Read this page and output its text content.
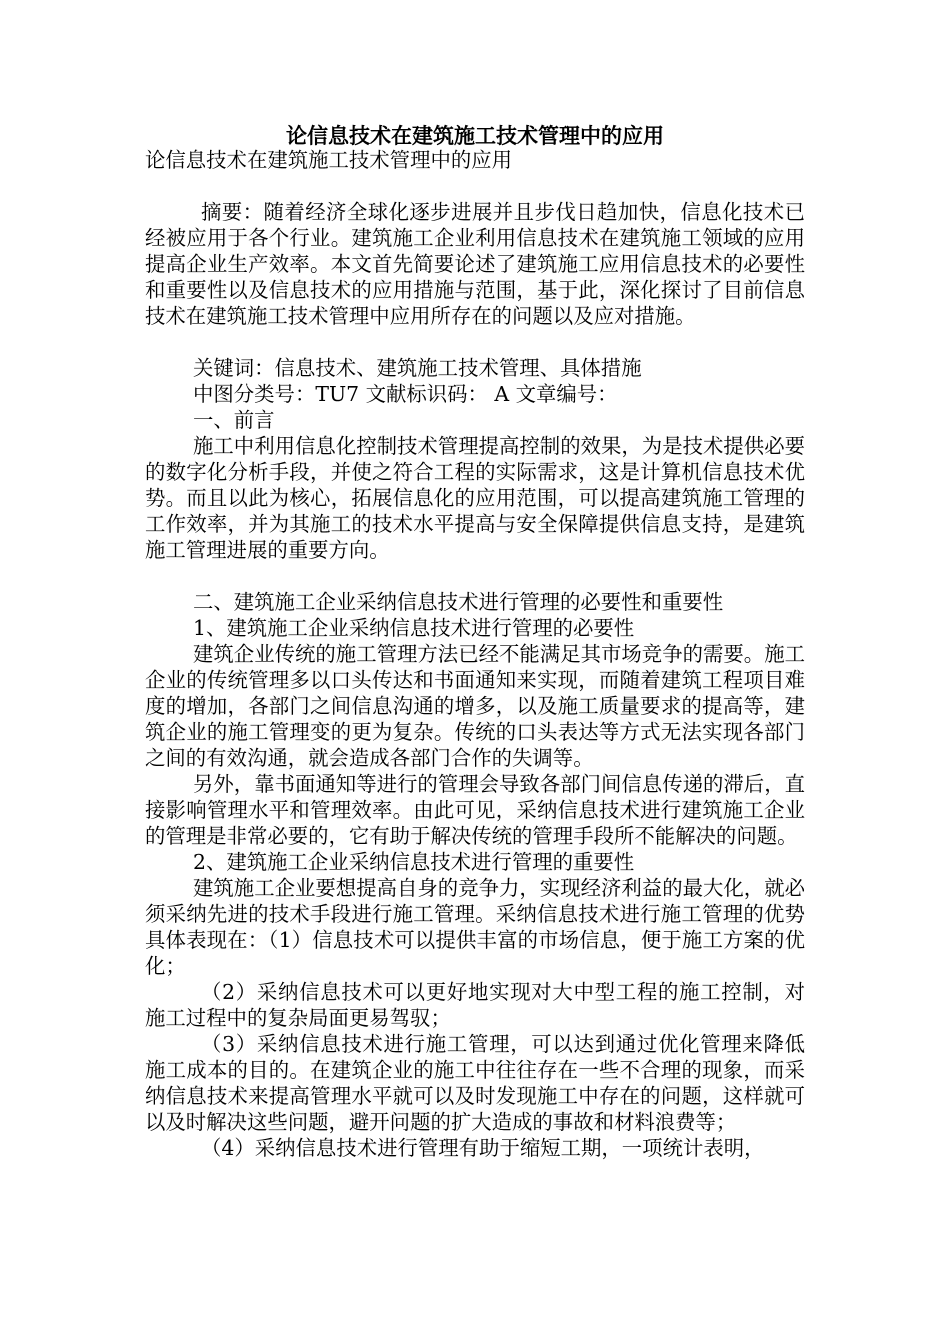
论信息技术在建筑施工技术管理中的应用

论信息技术在建筑施工技术管理中的应用

摘要：随着经济全球化逐步进展并且步伐日趋加快，信息化技术已经被应用于各个行业。建筑施工企业利用信息技术在建筑施工领域的应用提高企业生产效率。本文首先简要论述了建筑施工应用信息技术的必要性和重要性以及信息技术的应用措施与范围，基于此，深化探讨了目前信息技术在建筑施工技术管理中应用所存在的问题以及应对措施。

关键词：信息技术、建筑施工技术管理、具体措施

中图分类号：TU7 文献标识码： A 文章编号：

一、前言

施工中利用信息化控制技术管理提高控制的效果，为是技术提供必要的数字化分析手段，并使之符合工程的实际需求，这是计算机信息技术优势。而且以此为核心，拓展信息化的应用范围，可以提高建筑施工管理的工作效率，并为其施工的技术水平提高与安全保障提供信息支持，是建筑施工管理进展的重要方向。

二、建筑施工企业采纳信息技术进行管理的必要性和重要性

1、建筑施工企业采纳信息技术进行管理的必要性

建筑企业传统的施工管理方法已经不能满足其市场竞争的需要。施工企业的传统管理多以口头传达和书面通知来实现，而随着建筑工程项目难度的增加，各部门之间信息沟通的增多，以及施工质量要求的提高等，建筑企业的施工管理变的更为复杂。传统的口头表达等方式无法实现各部门之间的有效沟通，就会造成各部门合作的失调等。

另外，靠书面通知等进行的管理会导致各部门间信息传递的滞后，直接影响管理水平和管理效率。由此可见，采纳信息技术进行建筑施工企业的管理是非常必要的，它有助于解决传统的管理手段所不能解决的问题。

2、建筑施工企业采纳信息技术进行管理的重要性

建筑施工企业要想提高自身的竞争力，实现经济利益的最大化，就必须采纳先进的技术手段进行施工管理。采纳信息技术进行施工管理的优势具体表现在：（1）信息技术可以提供丰富的市场信息，便于施工方案的优化；

（2）采纳信息技术可以更好地实现对大中型工程的施工控制，对施工过程中的复杂局面更易驾驭；

（3）采纳信息技术进行施工管理，可以达到通过优化管理来降低施工成本的目的。在建筑企业的施工中往往存在一些不合理的现象，而采纳信息技术来提高管理水平就可以及时发现施工中存在的问题，这样就可以及时解决这些问题，避开问题的扩大造成的事故和材料浪费等；

（4）采纳信息技术进行管理有助于缩短工期，一项统计表明，
